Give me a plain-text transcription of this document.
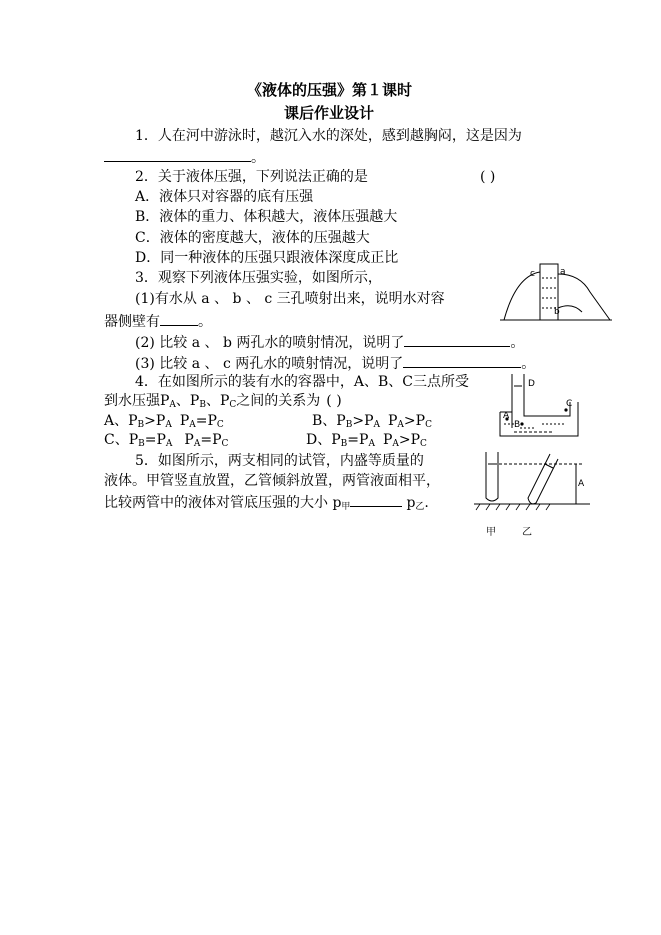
《液体的压强》第１课时
课后作业设计
1．人在河中游泳时，越沉入水的深处，感到越胸闷，这是因为
。
2．关于液体压强，下列说法正确的是	( )
A．液体只对容器的底有压强
B．液体的重力、体积越大，液体压强越大
C．液体的密度越大，液体的压强越大
D．同一种液体的压强只跟液体深度成正比
3．观察下列液体压强实验，如图所示，
(1)有水从 a 、 b 、 c 三孔喷射出来，说明水对容
器侧壁有	。
(2) 比较 a 、 b 两孔水的喷射情况，说明了	。
(3) 比较 a 、 c 两孔水的喷射情况，说明了	。
c	a
b
4．在如图所示的装有水的容器中，A、B、C三点所受
到水压强$P_A$、$P_B$、$P_C$之间的关系为 ( )
A、$P_B>P_A$ $P_A=P_C$	B、$P_B>P_A$ $P_A>P_C$
C、$P_B=P_A$ $P_A=P_C$	D、$P_B=P_A$ $P_A>P_C$
D
C
A
B
5．如图所示，两支相同的试管，内盛等质量的
液体。甲管竖直放置，乙管倾斜放置，两管液面相平，
比较两管中的液体对管底压强的大小 $p_甲$	$p_乙$.
A
甲	乙
